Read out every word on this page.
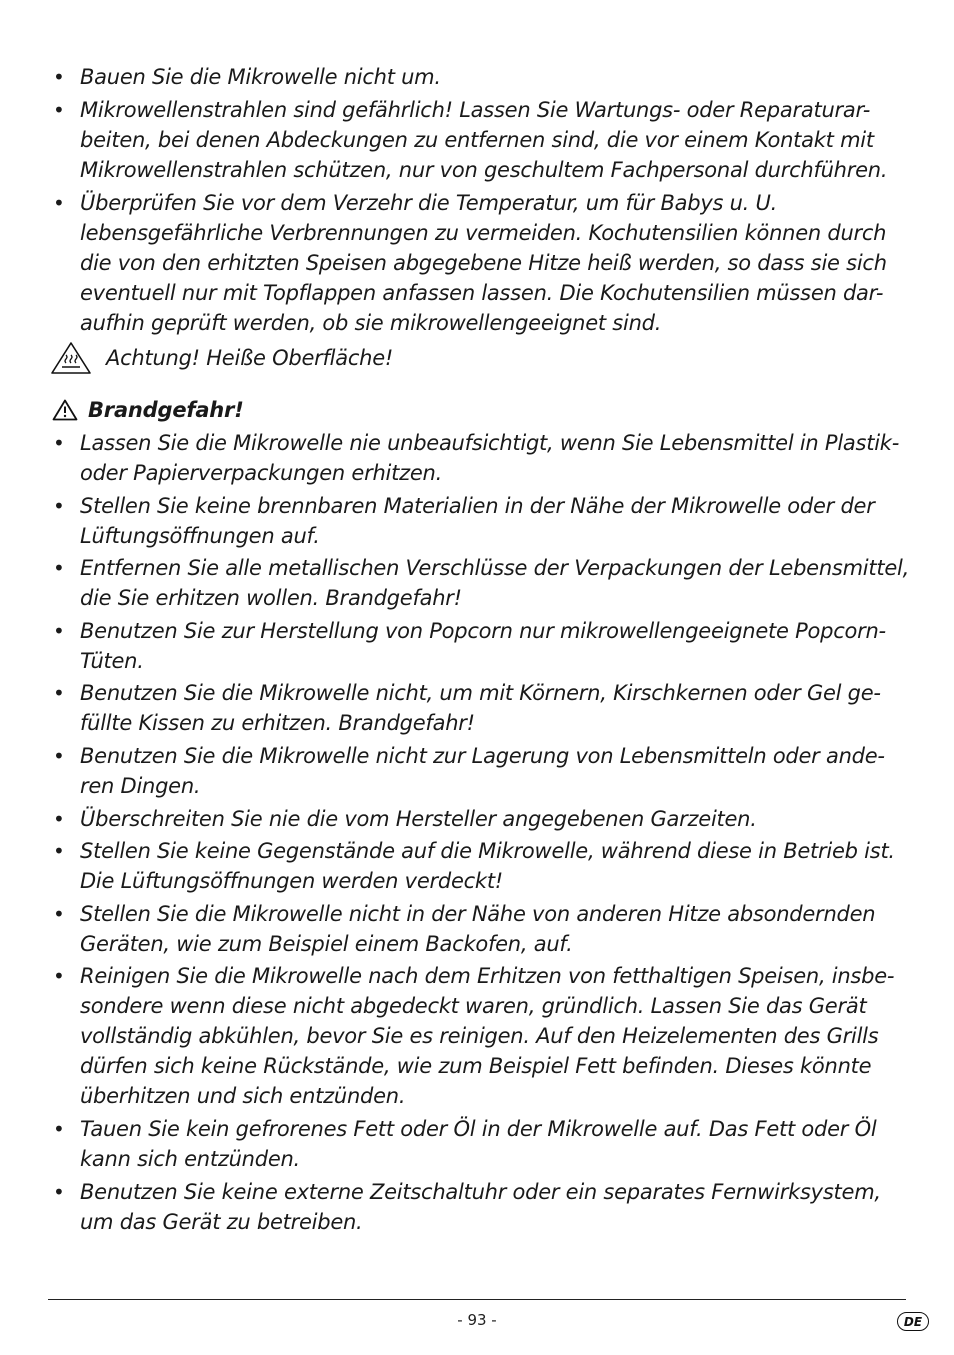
• Bauen Sie die Mikrowelle nicht um.
• Mikrowellenstrahlen sind gefährlich! Lassen Sie Wartungs- oder Reparaturar-beiten, bei denen Abdeckungen zu entfernen sind, die vor einem Kontakt mit Mikrowellenstrahlen schützen, nur von geschultem Fachpersonal durchführen.
• Überprüfen Sie vor dem Verzehr die Temperatur, um für Babys u. U. lebensgefährliche Verbrennungen zu vermeiden. Kochutensilien können durch die von den erhitzten Speisen abgegebene Hitze heiß werden, so dass sie sich eventuell nur mit Topflappen anfassen lassen. Die Kochutensilien müssen dar-aufhin geprüft werden, ob sie mikrowellengeeignet sind.
Achtung! Heiße Oberfläche!
Brandgefahr!
• Lassen Sie die Mikrowelle nie unbeaufsichtigt, wenn Sie Lebensmittel in Plastik- oder Papierverpackungen erhitzen.
• Stellen Sie keine brennbaren Materialien in der Nähe der Mikrowelle oder der Lüftungsöffnungen auf.
• Entfernen Sie alle metallischen Verschlüsse der Verpackungen der Lebensmittel, die Sie erhitzen wollen. Brandgefahr!
• Benutzen Sie zur Herstellung von Popcorn nur mikrowellengeeignete Popcorn-Tüten.
• Benutzen Sie die Mikrowelle nicht, um mit Körnern, Kirschkernen oder Gel ge-füllte Kissen zu erhitzen. Brandgefahr!
• Benutzen Sie die Mikrowelle nicht zur Lagerung von Lebensmitteln oder ande-ren Dingen.
• Überschreiten Sie nie die vom Hersteller angegebenen Garzeiten.
• Stellen Sie keine Gegenstände auf die Mikrowelle, während diese in Betrieb ist. Die Lüftungsöffnungen werden verdeckt!
• Stellen Sie die Mikrowelle nicht in der Nähe von anderen Hitze absondernden Geräten, wie zum Beispiel einem Backofen, auf.
• Reinigen Sie die Mikrowelle nach dem Erhitzen von fetthaltigen Speisen, insbe-sondere wenn diese nicht abgedeckt waren, gründlich. Lassen Sie das Gerät vollständig abkühlen, bevor Sie es reinigen. Auf den Heizelementen des Grills dürfen sich keine Rückstände, wie zum Beispiel Fett befinden. Dieses könnte überhitzen und sich entzünden.
• Tauen Sie kein gefrorenes Fett oder Öl in der Mikrowelle auf. Das Fett oder Öl kann sich entzünden.
• Benutzen Sie keine externe Zeitschaltuhr oder ein separates Fernwirksystem, um das Gerät zu betreiben.
- 93 -	DE
